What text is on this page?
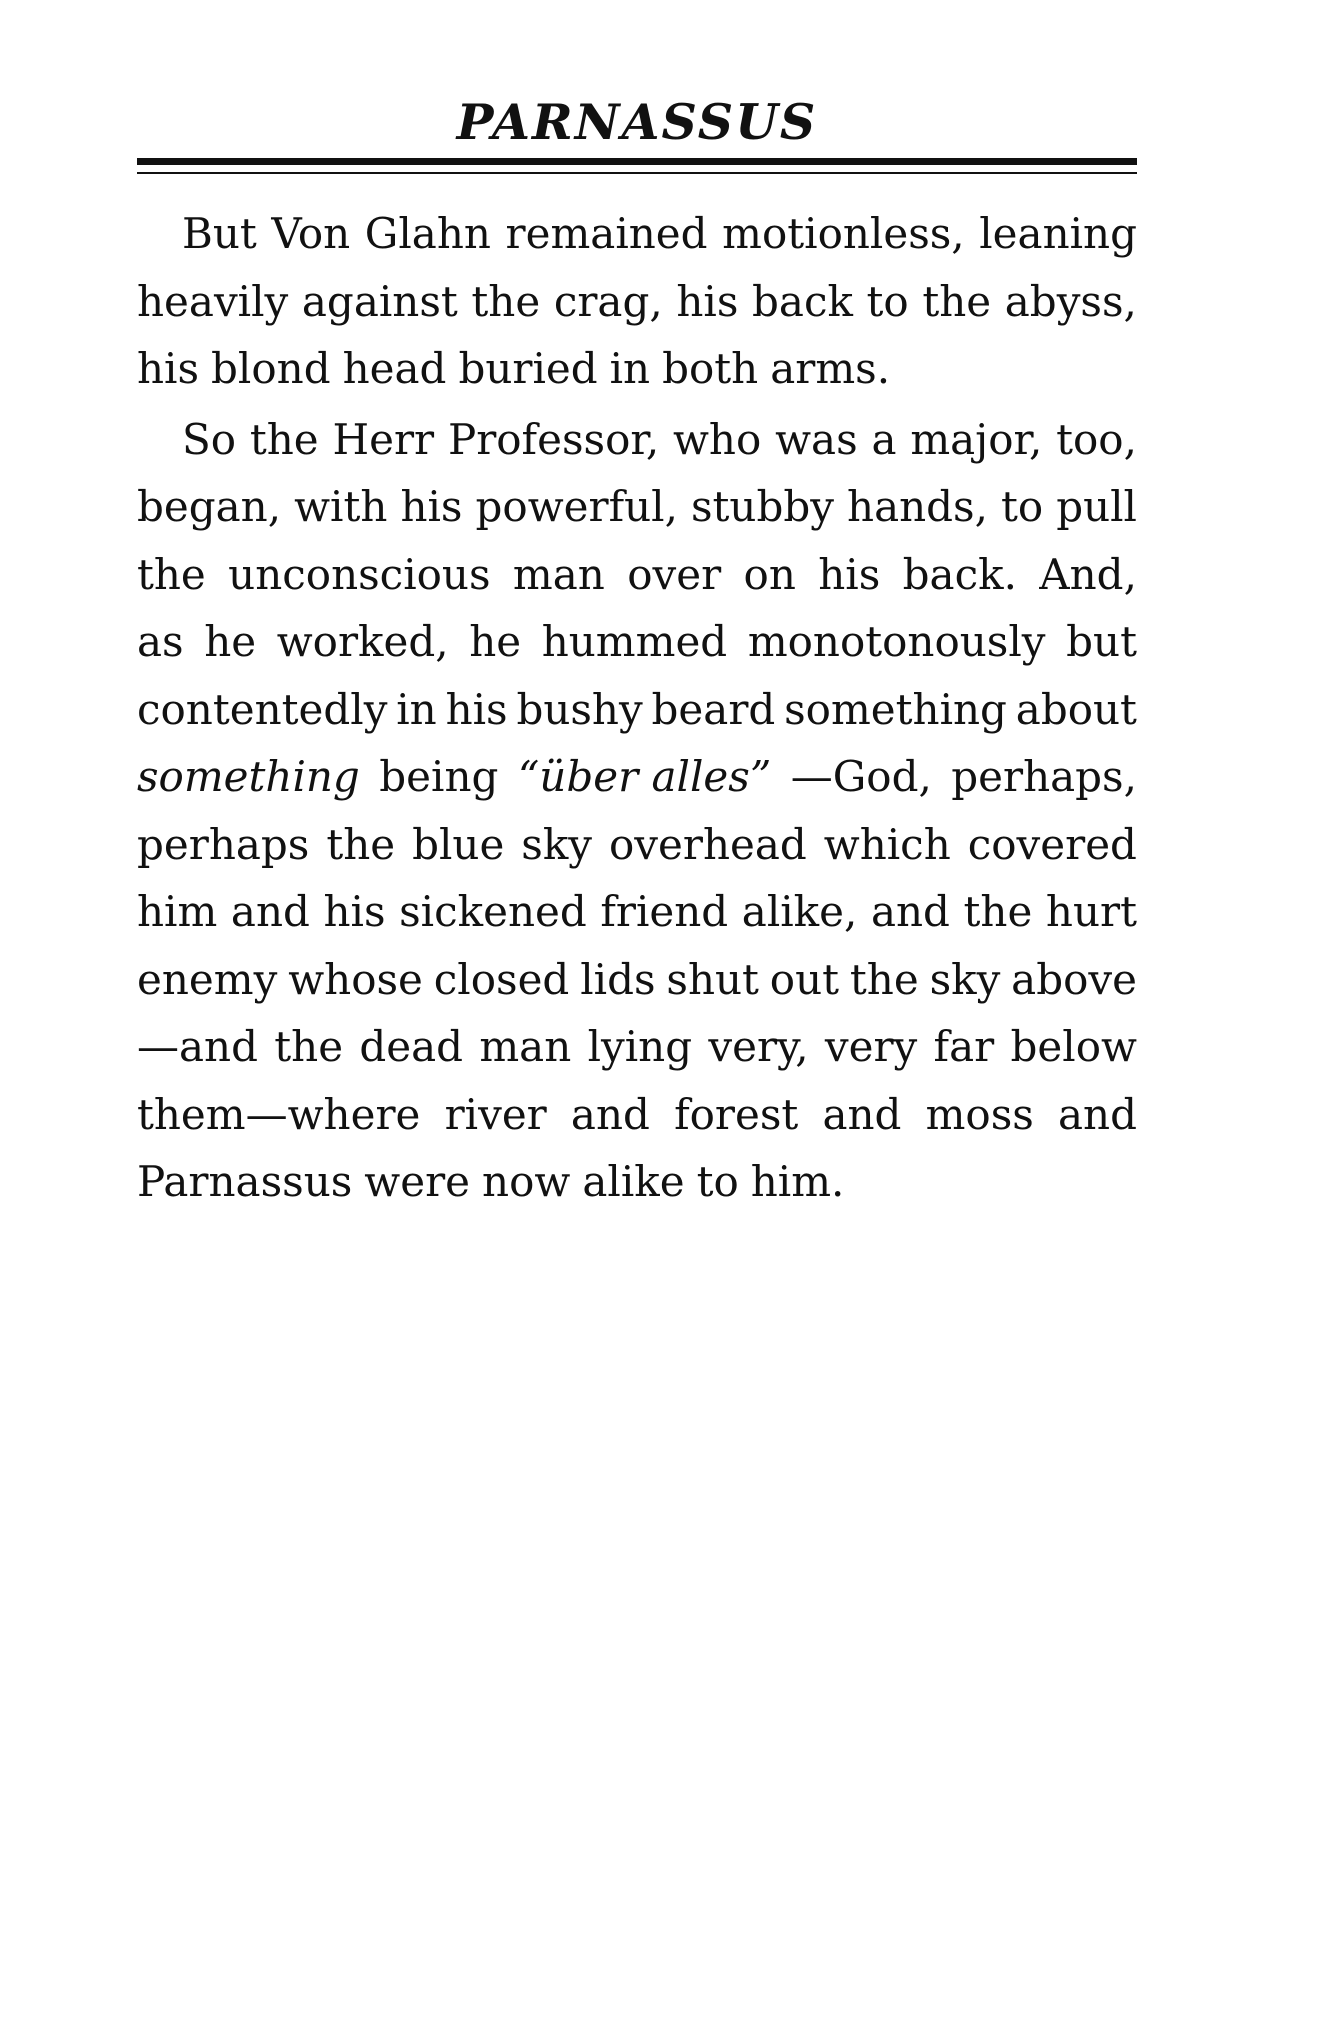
PARNASSUS
But Von Glahn remained motionless, leaning
heavily against the crag, his back to the abyss,
his blond head buried in both arms.
So the Herr Professor, who was a major, too,
began, with his powerful, stubby hands, to pull
the unconscious man over on his back. And,
as he worked, he hummed monotonously but
contentedly in his bushy beard something about
something being “über alles” —God, perhaps,
perhaps the blue sky overhead which covered
him and his sickened friend alike, and the hurt
enemy whose closed lids shut out the sky above
—and the dead man lying very, very far below
them—where river and forest and moss and
Parnassus were now alike to him.
